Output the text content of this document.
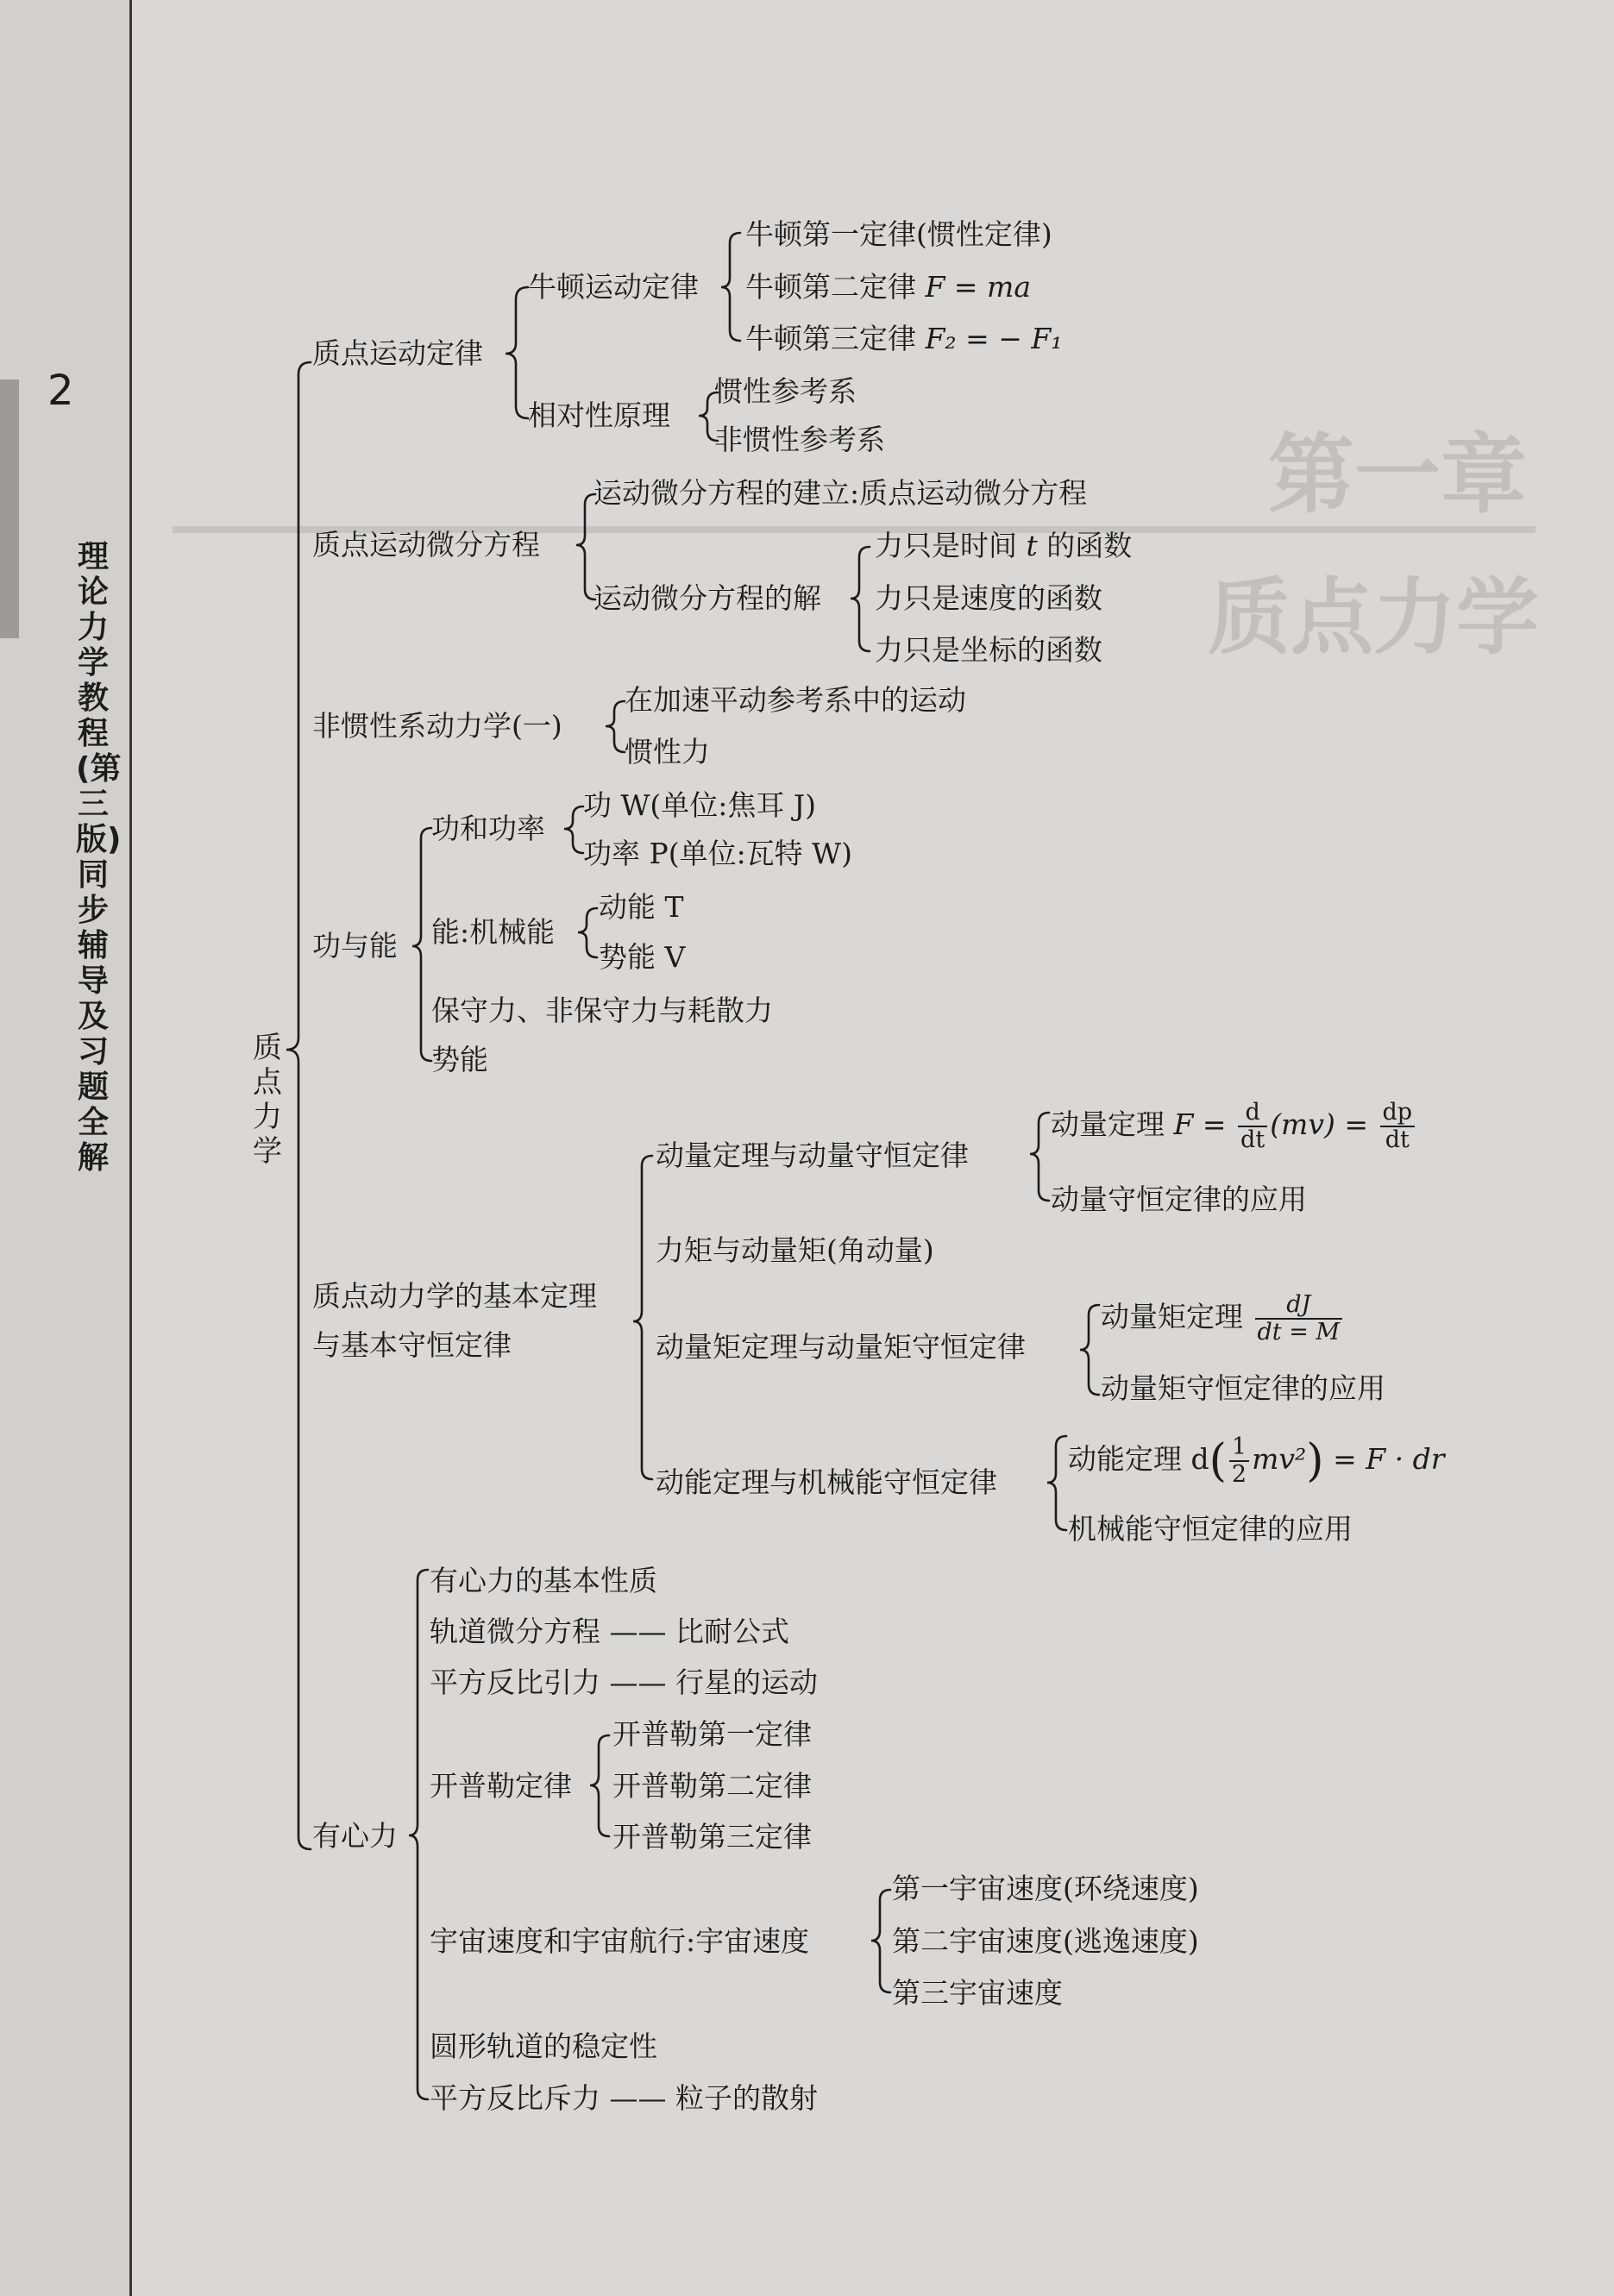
2
理论力学教程(第三版)同步辅导及习题全解
第一章
质点力学
质点力学
质点运动定律
牛顿运动定律
牛顿第一定律(惯性定律)
牛顿第二定律 F = ma
牛顿第三定律 F₂ = − F₁
相对性原理
惯性参考系
非惯性参考系
质点运动微分方程
运动微分方程的建立:质点运动微分方程
运动微分方程的解
力只是时间 t 的函数
力只是速度的函数
力只是坐标的函数
非惯性系动力学(一)
在加速平动参考系中的运动
惯性力
功与能
功和功率
功 W(单位:焦耳 J)
功率 P(单位:瓦特 W)
能:机械能
动能 T
势能 V
保守力、非保守力与耗散力
势能
质点动力学的基本定理
与基本守恒定律
动量定理与动量守恒定律
动量定理 $F = \frac{d}{dt} (mv) = \frac{dp}{dt}$
动量守恒定律的应用
力矩与动量矩(角动量)
动量矩定理与动量矩守恒定律
动量矩定理 $\frac{dJ}{dt = M}$
动量矩守恒定律的应用
动能定理与机械能守恒定律
动能定理 $d( \frac{1}{2} mv^2) = F$ · dr
机械能守恒定律的应用
有心力
有心力的基本性质
轨道微分方程 —— 比耐公式
平方反比引力 —— 行星的运动
开普勒定律
开普勒第一定律
开普勒第二定律
开普勒第三定律
宇宙速度和宇宙航行:宇宙速度
第一宇宙速度(环绕速度)
第二宇宙速度(逃逸速度)
第三宇宙速度
圆形轨道的稳定性
平方反比斥力 —— 粒子的散射
